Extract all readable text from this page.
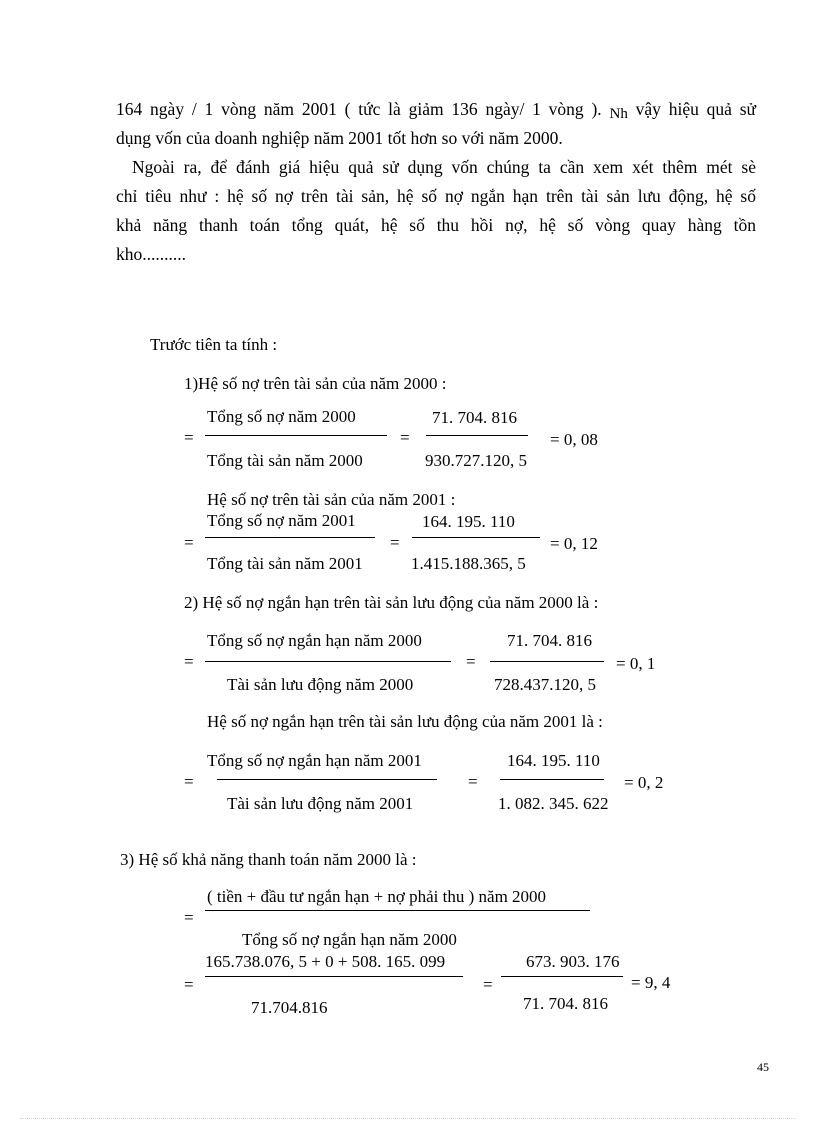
164 ngày / 1 vòng năm 2001 ( tức là giảm 136 ngày/ 1 vòng ). Nh vậy hiệu quả sử
dụng vốn của doanh nghiệp năm 2001 tốt hơn so với năm 2000.
Ngoài ra, để đánh giá hiệu quả sử dụng vốn chúng ta cần xem xét thêm mét sè
chỉ tiêu như : hệ số nợ trên tài sản, hệ số nợ ngắn hạn trên tài sản lưu động, hệ số
khả năng thanh toán tổng quát, hệ số thu hồi nợ, hệ số vòng quay hàng tồn
kho..........
Trước tiên ta tính :
1)Hệ số nợ trên tài sản của năm 2000 :
=
Tổng số nợ năm 2000
Tổng tài sản năm 2000
=
71. 704. 816
930.727.120, 5
= 0, 08
Hệ số nợ trên tài sản của năm 2001 :
=
Tổng số nợ năm 2001
Tổng tài sản năm 2001
=
164. 195. 110
1.415.188.365, 5
= 0, 12
2) Hệ số nợ ngắn hạn trên tài sản lưu động của năm 2000 là :
=
Tổng số nợ ngắn hạn năm 2000
Tài sản lưu động năm 2000
=
71. 704. 816
728.437.120, 5
= 0, 1
Hệ số nợ ngắn hạn trên tài sản lưu động của năm 2001 là :
=
Tổng số nợ ngắn hạn năm 2001
Tài sản lưu động năm 2001
=
164. 195. 110
1. 082. 345. 622
= 0, 2
3) Hệ số khả năng thanh toán năm 2000 là :
( tiền + đầu tư ngắn hạn + nợ phải thu ) năm 2000
=
Tổng số nợ ngắn hạn năm 2000
165.738.076, 5 + 0 + 508. 165. 099
=
71.704.816
=
673. 903. 176
71. 704. 816
= 9, 4
45
